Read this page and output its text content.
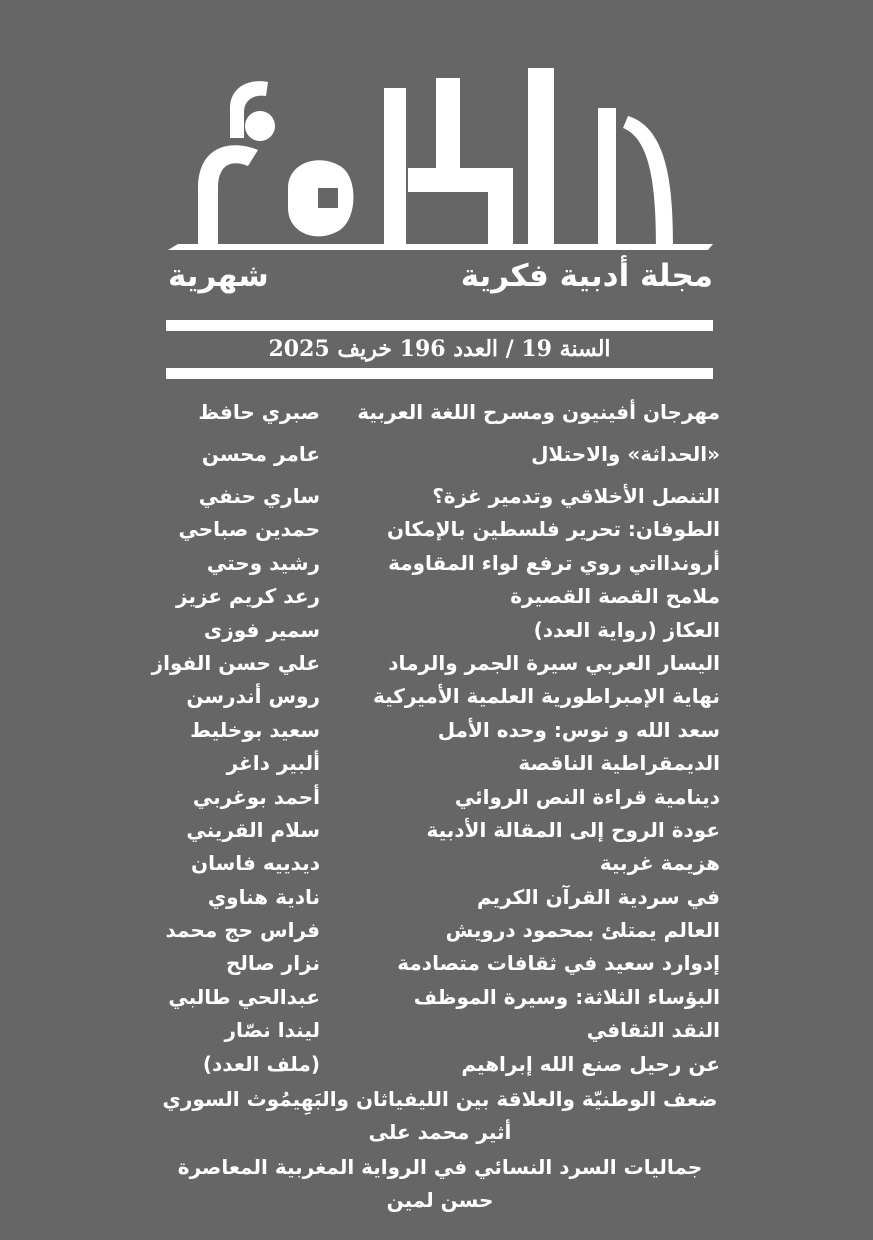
مجلة أدبية فكرية
شهرية
السنة 19 / العدد 196 خريف 2025
مهرجان أفينيون ومسرح اللغة العربية
صبري حافظ
«الحداثة» والاحتلال
عامر محسن
التنصل الأخلاقي وتدمير غزة؟
ساري حنفي
الطوفان: تحرير فلسطين بالإمكان
حمدين صباحي
أروندااتي روي ترفع لواء المقاومة
رشيد وحتي
ملامح القصة القصيرة
رعد كريم عزيز
العكاز (رواية العدد)
سمير فوزى
اليسار العربي سيرة الجمر والرماد
علي حسن الفواز
نهاية الإمبراطورية العلمية الأميركية
روس أندرسن
سعد الله و نوس: وحده الأمل
سعيد بوخليط
الديمقراطية الناقصة
ألبير داغر
دينامية قراءة النص الروائي
أحمد بوغربي
عودة الروح إلى المقالة الأدبية
سلام القريني
هزيمة غربية
ديدييه فاسان
في سردية القرآن الكريم
نادية هناوي
العالم يمتلئ بمحمود درويش
فراس حج محمد
إدوارد سعيد في ثقافات متصادمة
نزار صالح
البؤساء الثلاثة: وسيرة الموظف
عبدالحي طالبي
النقد الثقافي
ليندا نصّار
عن رحيل صنع الله إبراهيم
(ملف العدد)
ضعف الوطنيّة والعلاقة بين الليفياثان والبَهِيمُوث السوري
أثير محمد على
جماليات السرد النسائي في الرواية المغربية المعاصرة
حسن لمين
